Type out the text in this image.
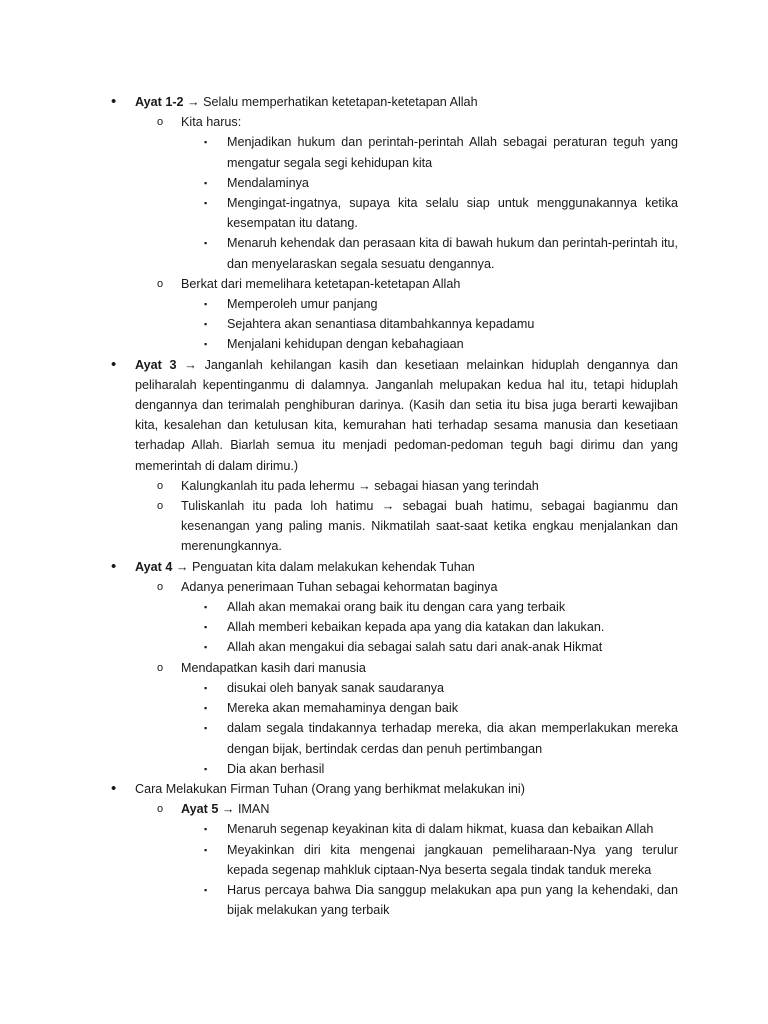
• Ayat 1-2 → Selalu memperhatikan ketetapan-ketetapan Allah
o Kita harus:
▪ Menjadikan hukum dan perintah-perintah Allah sebagai peraturan teguh yang mengatur segala segi kehidupan kita
▪ Mendalaminya
▪ Mengingat-ingatnya, supaya kita selalu siap untuk menggunakannya ketika kesempatan itu datang.
▪ Menaruh kehendak dan perasaan kita di bawah hukum dan perintah-perintah itu, dan menyelaraskan segala sesuatu dengannya.
o Berkat dari memelihara ketetapan-ketetapan Allah
▪ Memperoleh umur panjang
▪ Sejahtera akan senantiasa ditambahkannya kepadamu
▪ Menjalani kehidupan dengan kebahagiaan
• Ayat 3 → Janganlah kehilangan kasih dan kesetiaan melainkan hiduplah dengannya dan peliharalah kepentinganmu di dalamnya. Janganlah melupakan kedua hal itu, tetapi hiduplah dengannya dan terimalah penghiburan darinya. (Kasih dan setia itu bisa juga berarti kewajiban kita, kesalehan dan ketulusan kita, kemurahan hati terhadap sesama manusia dan kesetiaan terhadap Allah. Biarlah semua itu menjadi pedoman-pedoman teguh bagi dirimu dan yang memerintah di dalam dirimu.)
o Kalungkanlah itu pada lehermu → sebagai hiasan yang terindah
o Tuliskanlah itu pada loh hatimu → sebagai buah hatimu, sebagai bagianmu dan kesenangan yang paling manis. Nikmatilah saat-saat ketika engkau menjalankan dan merenungkannya.
• Ayat 4 → Penguatan kita dalam melakukan kehendak Tuhan
o Adanya penerimaan Tuhan sebagai kehormatan baginya
▪ Allah akan memakai orang baik itu dengan cara yang terbaik
▪ Allah memberi kebaikan kepada apa yang dia katakan dan lakukan.
▪ Allah akan mengakui dia sebagai salah satu dari anak-anak Hikmat
o Mendapatkan kasih dari manusia
▪ disukai oleh banyak sanak saudaranya
▪ Mereka akan memahaminya dengan baik
▪ dalam segala tindakannya terhadap mereka, dia akan memperlakukan mereka dengan bijak, bertindak cerdas dan penuh pertimbangan
▪ Dia akan berhasil
• Cara Melakukan Firman Tuhan (Orang yang berhikmat melakukan ini)
o Ayat 5 → IMAN
▪ Menaruh segenap keyakinan kita di dalam hikmat, kuasa dan kebaikan Allah
▪ Meyakinkan diri kita mengenai jangkauan pemeliharaan-Nya yang terulur kepada segenap mahkluk ciptaan-Nya beserta segala tindak tanduk mereka
▪ Harus percaya bahwa Dia sanggup melakukan apa pun yang Ia kehendaki, dan bijak melakukan yang terbaik
